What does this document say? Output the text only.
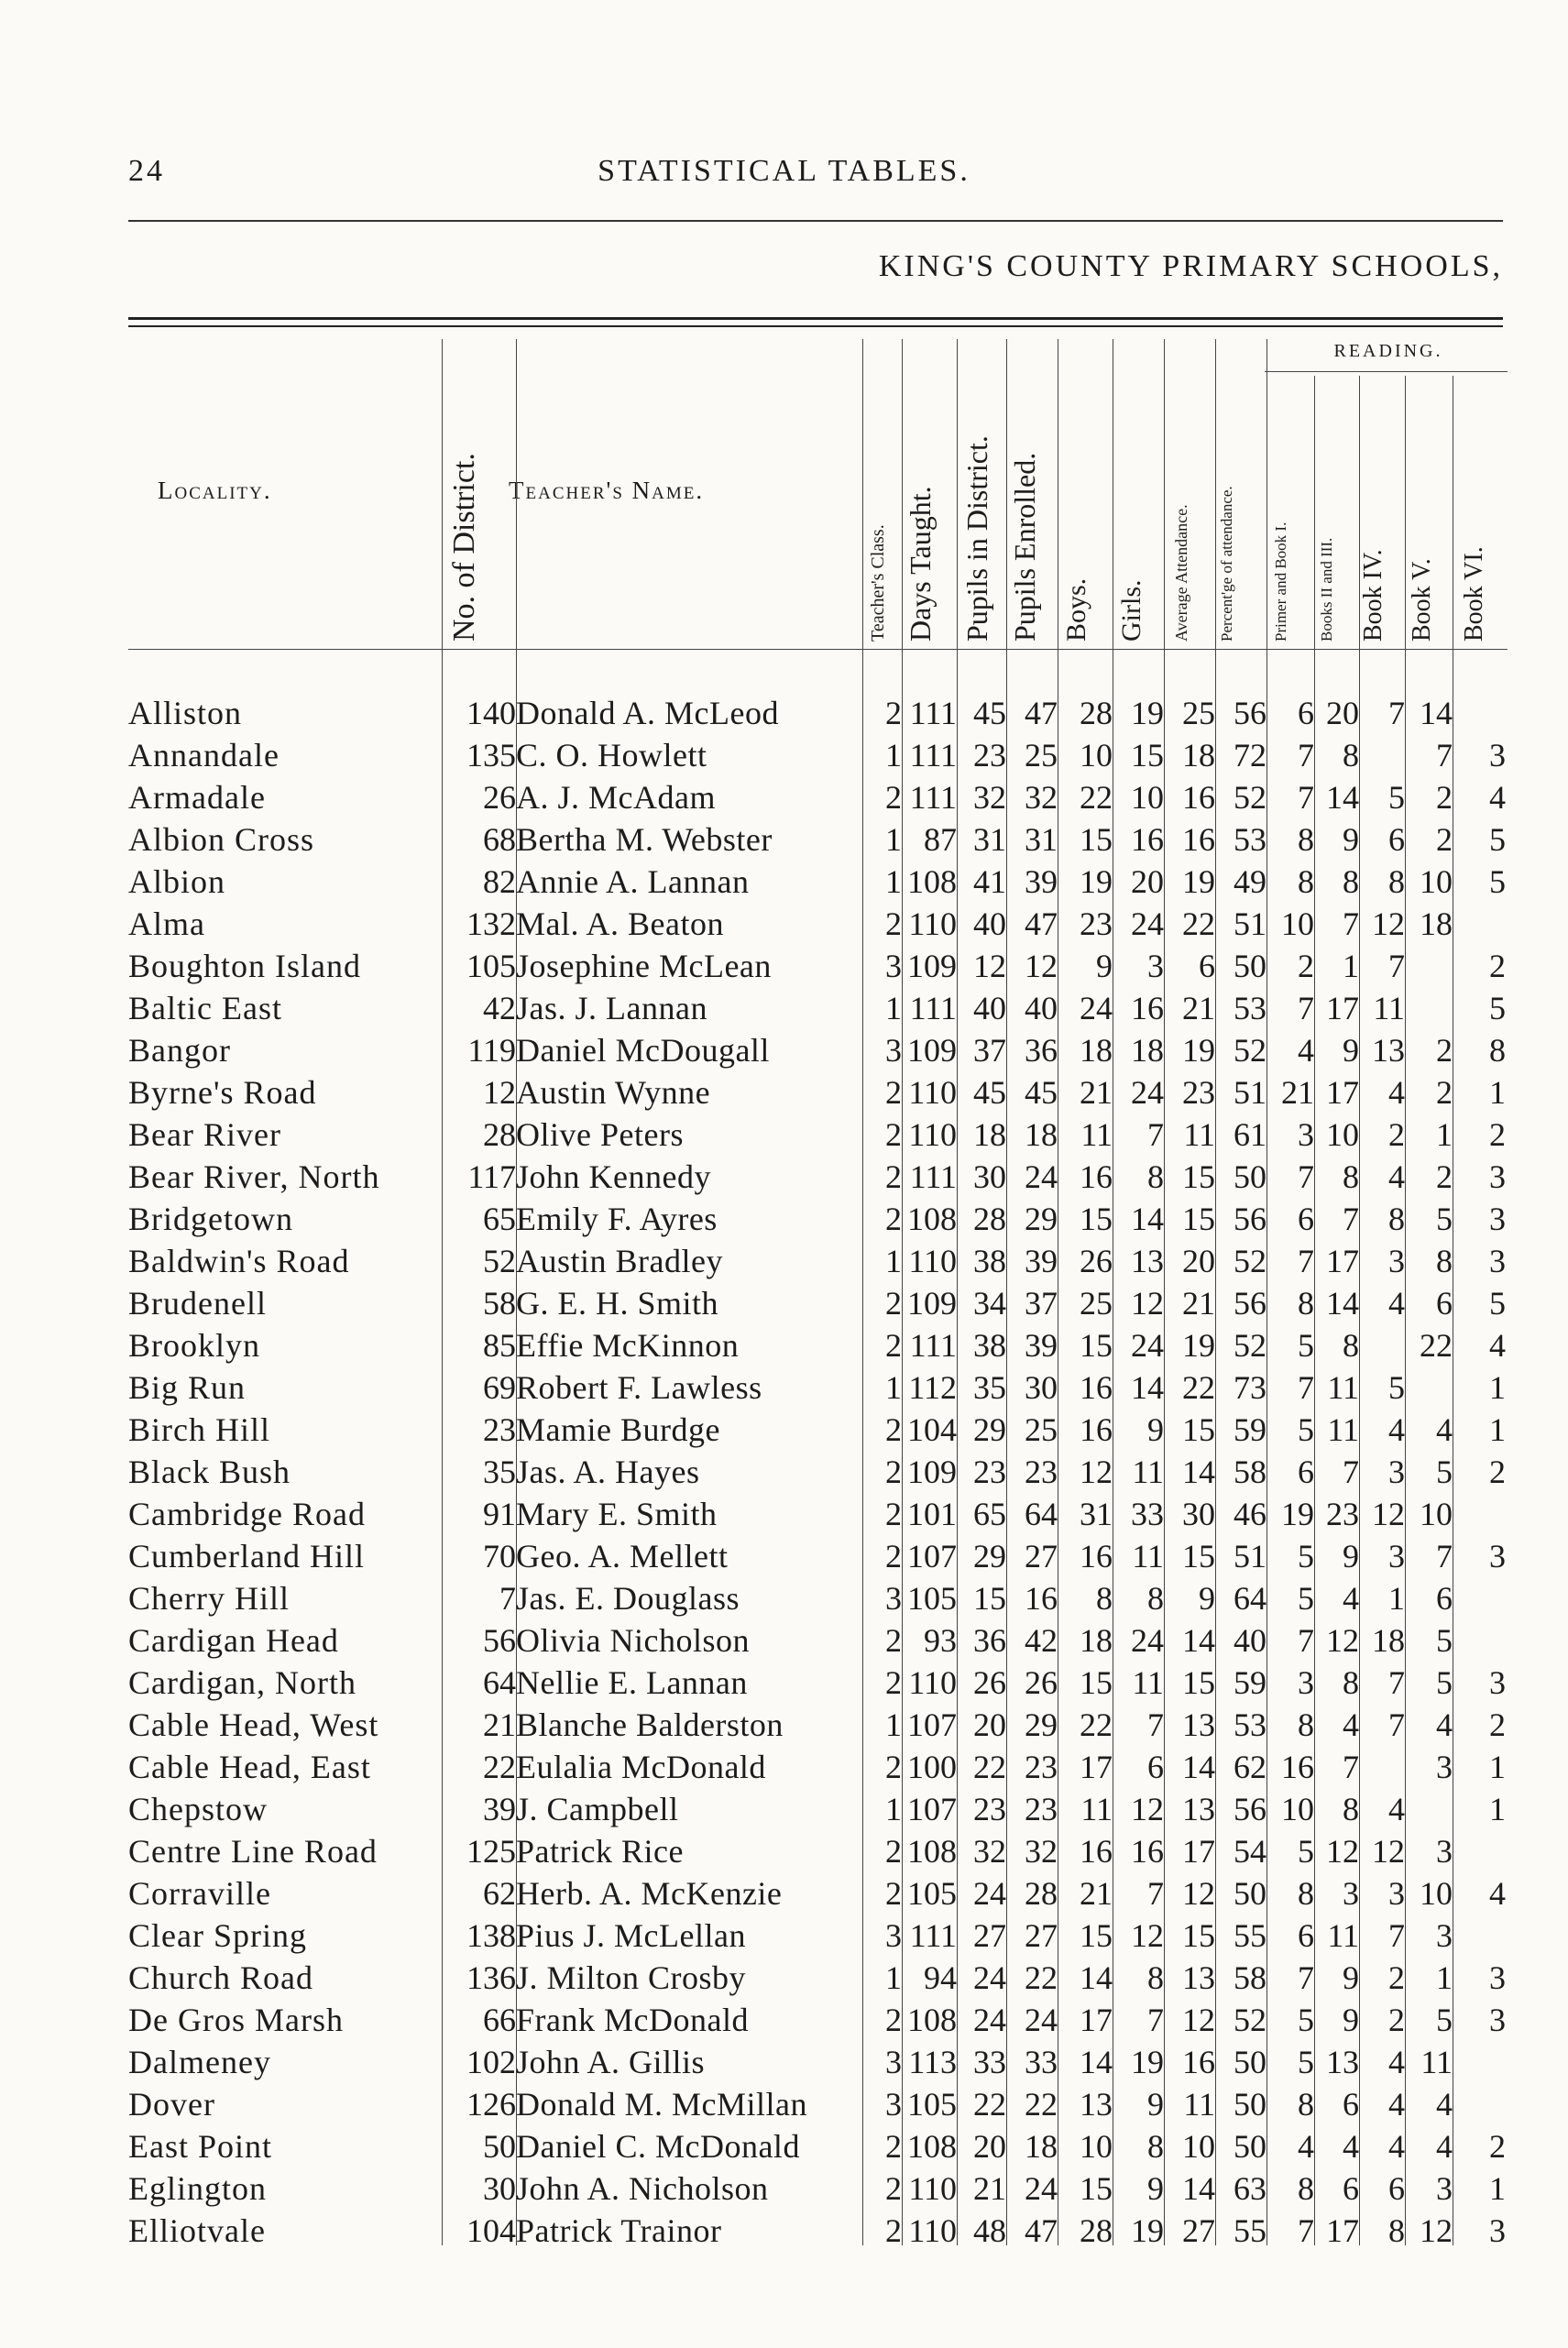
24	STATISTICAL TABLES.
KING'S COUNTY PRIMARY SCHOOLS,
Locality.	Teacher's Name.
READING.
No. of District.	Teacher's Class. Days Taught. Pupils in District. Pupils Enrolled. Boys. Girls. Average Attendance. Percent'ge of attendance. Primer and Book I. Books II and III. Book IV. Book V. Book VI.
Alliston	140	Donald A. McLeod	2	111	45	47	28	19	25	56	6	20	7	14	
Annandale	135	C. O. Howlett	1	111	23	25	10	15	18	72	7	8		7	3
Armadale	26	A. J. McAdam	2	111	32	32	22	10	16	52	7	14	5	2	4
Albion Cross	68	Bertha M. Webster	1	87	31	31	15	16	16	53	8	9	6	2	5
Albion	82	Annie A. Lannan	1	108	41	39	19	20	19	49	8	8	8	10	5
Alma	132	Mal. A. Beaton	2	110	40	47	23	24	22	51	10	7	12	18	
Boughton Island	105	Josephine McLean	3	109	12	12	9	3	6	50	2	1	7		2
Baltic East	42	Jas. J. Lannan	1	111	40	40	24	16	21	53	7	17	11		5
Bangor	119	Daniel McDougall	3	109	37	36	18	18	19	52	4	9	13	2	8
Byrne's Road	12	Austin Wynne	2	110	45	45	21	24	23	51	21	17	4	2	1
Bear River	28	Olive Peters	2	110	18	18	11	7	11	61	3	10	2	1	2
Bear River, North	117	John Kennedy	2	111	30	24	16	8	15	50	7	8	4	2	3
Bridgetown	65	Emily F. Ayres	2	108	28	29	15	14	15	56	6	7	8	5	3
Baldwin's Road	52	Austin Bradley	1	110	38	39	26	13	20	52	7	17	3	8	3
Brudenell	58	G. E. H. Smith	2	109	34	37	25	12	21	56	8	14	4	6	5
Brooklyn	85	Effie McKinnon	2	111	38	39	15	24	19	52	5	8		22	4
Big Run	69	Robert F. Lawless	1	112	35	30	16	14	22	73	7	11	5		1
Birch Hill	23	Mamie Burdge	2	104	29	25	16	9	15	59	5	11	4	4	1
Black Bush	35	Jas. A. Hayes	2	109	23	23	12	11	14	58	6	7	3	5	2
Cambridge Road	91	Mary E. Smith	2	101	65	64	31	33	30	46	19	23	12	10	
Cumberland Hill	70	Geo. A. Mellett	2	107	29	27	16	11	15	51	5	9	3	7	3
Cherry Hill	7	Jas. E. Douglass	3	105	15	16	8	8	9	64	5	4	1	6	
Cardigan Head	56	Olivia Nicholson	2	93	36	42	18	24	14	40	7	12	18	5	
Cardigan, North	64	Nellie E. Lannan	2	110	26	26	15	11	15	59	3	8	7	5	3
Cable Head, West	21	Blanche Balderston	1	107	20	29	22	7	13	53	8	4	7	4	2
Cable Head, East	22	Eulalia McDonald	2	100	22	23	17	6	14	62	16	7		3	1
Chepstow	39	J. Campbell	1	107	23	23	11	12	13	56	10	8	4		1
Centre Line Road	125	Patrick Rice	2	108	32	32	16	16	17	54	5	12	12	3	
Corraville	62	Herb. A. McKenzie	2	105	24	28	21	7	12	50	8	3	3	10	4
Clear Spring	138	Pius J. McLellan	3	111	27	27	15	12	15	55	6	11	7	3	
Church Road	136	J. Milton Crosby	1	94	24	22	14	8	13	58	7	9	2	1	3
De Gros Marsh	66	Frank McDonald	2	108	24	24	17	7	12	52	5	9	2	5	3
Dalmeney	102	John A. Gillis	3	113	33	33	14	19	16	50	5	13	4	11	
Dover	126	Donald M. McMillan	3	105	22	22	13	9	11	50	8	6	4	4	
East Point	50	Daniel C. McDonald	2	108	20	18	10	8	10	50	4	4	4	4	2
Eglington	30	John A. Nicholson	2	110	21	24	15	9	14	63	8	6	6	3	1
Elliotvale	104	Patrick Trainor	2	110	48	47	28	19	27	55	7	17	8	12	3
